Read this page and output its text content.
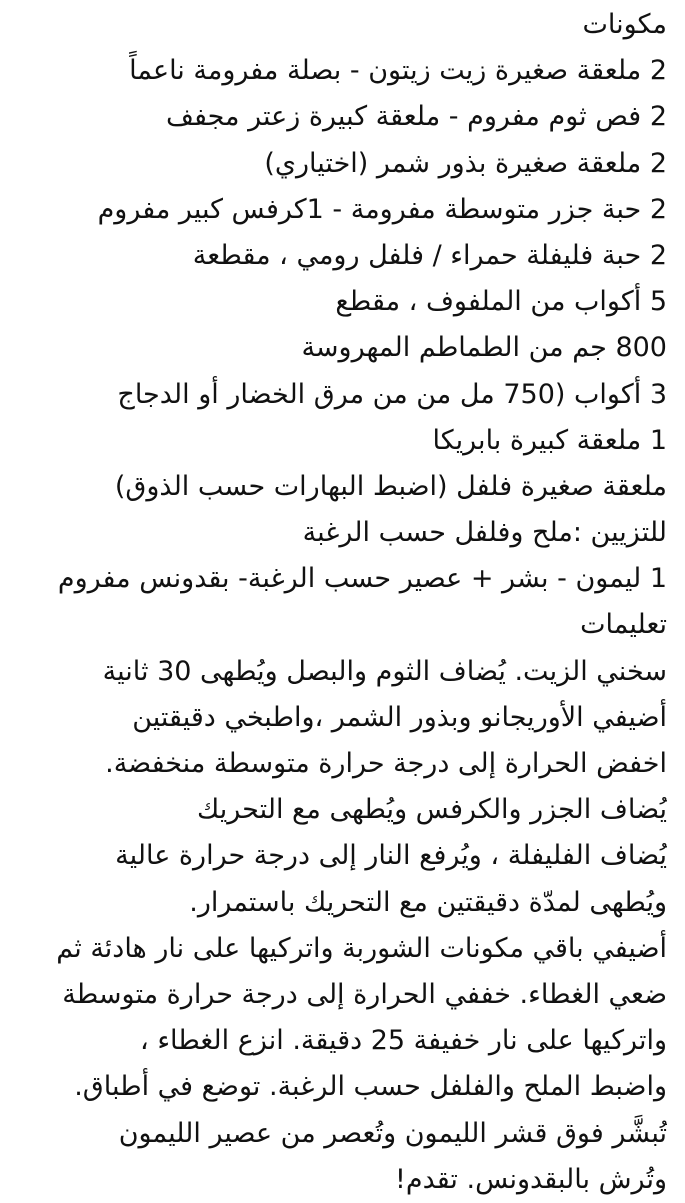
مكونات
2 ملعقة صغيرة زيت زيتون - بصلة مفرومة ناعماً
2 فص ثوم مفروم - ملعقة كبيرة زعتر مجفف
2 ملعقة صغيرة بذور شمر (اختياري)
2 حبة جزر متوسطة مفرومة - 1كرفس كبير مفروم
2 حبة فليفلة حمراء / فلفل رومي ، مقطعة
5 أكواب من الملفوف ، مقطع
800 جم من الطماطم المهروسة
3 أكواب (750 مل من من مرق الخضار أو الدجاج
1 ملعقة كبيرة بابريكا
ملعقة صغيرة فلفل (اضبط البهارات حسب الذوق)
للتزيين :ملح وفلفل حسب الرغبة
1 ليمون - بشر + عصير حسب الرغبة- بقدونس مفروم
تعليمات
سخني الزيت. يُضاف الثوم والبصل ويُطهى 30 ثانية
أضيفي الأوريجانو وبذور الشمر ،واطبخي دقيقتين
اخفض الحرارة إلى درجة حرارة متوسطة منخفضة.
يُضاف الجزر والكرفس ويُطهى مع التحريك
يُضاف الفليفلة ، ويُرفع النار إلى درجة حرارة عالية
ويُطهى لمدّة دقيقتين مع التحريك باستمرار.
أضيفي باقي مكونات الشوربة واتركيها على نار هادئة ثم
ضعي الغطاء. خففي الحرارة إلى درجة حرارة متوسطة
واتركيها على نار خفيفة 25 دقيقة. انزع الغطاء ،
واضبط الملح والفلفل حسب الرغبة. توضع في أطباق.
تُبشَّر فوق قشر الليمون وتُعصر من عصير الليمون
وتُرش بالبقدونس. تقدم!
